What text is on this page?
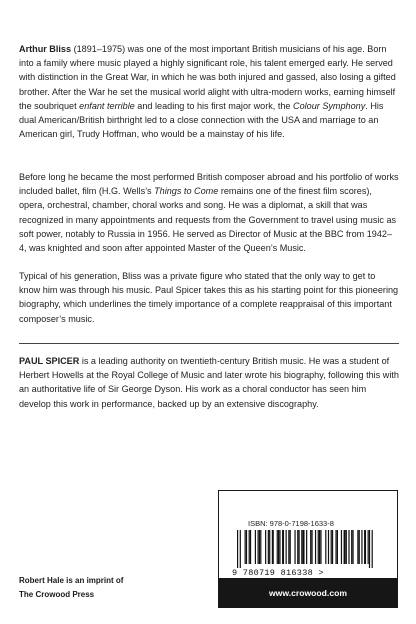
Arthur Bliss (1891–1975) was one of the most important British musicians of his age. Born into a family where music played a highly significant role, his talent emerged early. He served with distinction in the Great War, in which he was both injured and gassed, also losing a gifted brother. After the War he set the musical world alight with ultra-modern works, earning himself the soubriquet enfant terrible and leading to his first major work, the Colour Symphony. His dual American/British birthright led to a close connection with the USA and marriage to an American girl, Trudy Hoffman, who would be a mainstay of his life.

Before long he became the most performed British composer abroad and his portfolio of works included ballet, film (H.G. Wells’s Things to Come remains one of the finest film scores), opera, orchestral, chamber, choral works and song. He was a diplomat, a skill that was recognized in many appointments and requests from the Government to travel using music as soft power, notably to Russia in 1956. He served as Director of Music at the BBC from 1942–4, was knighted and soon after appointed Master of the Queen’s Music.

Typical of his generation, Bliss was a private figure who stated that the only way to get to know him was through his music. Paul Spicer takes this as his starting point for this pioneering biography, which underlines the timely importance of a complete reappraisal of this important composer’s music.

PAUL SPICER is a leading authority on twentieth-century British music. He was a student of Herbert Howells at the Royal College of Music and later wrote his biography, following this with an authoritative life of Sir George Dyson. His work as a choral conductor has seen him develop this work in performance, backed up by an extensive discography.

ISBN: 978-0-7198-1633-8
9 780719 816338 >
www.crowood.com
Robert Hale is an imprint of
The Crowood Press
